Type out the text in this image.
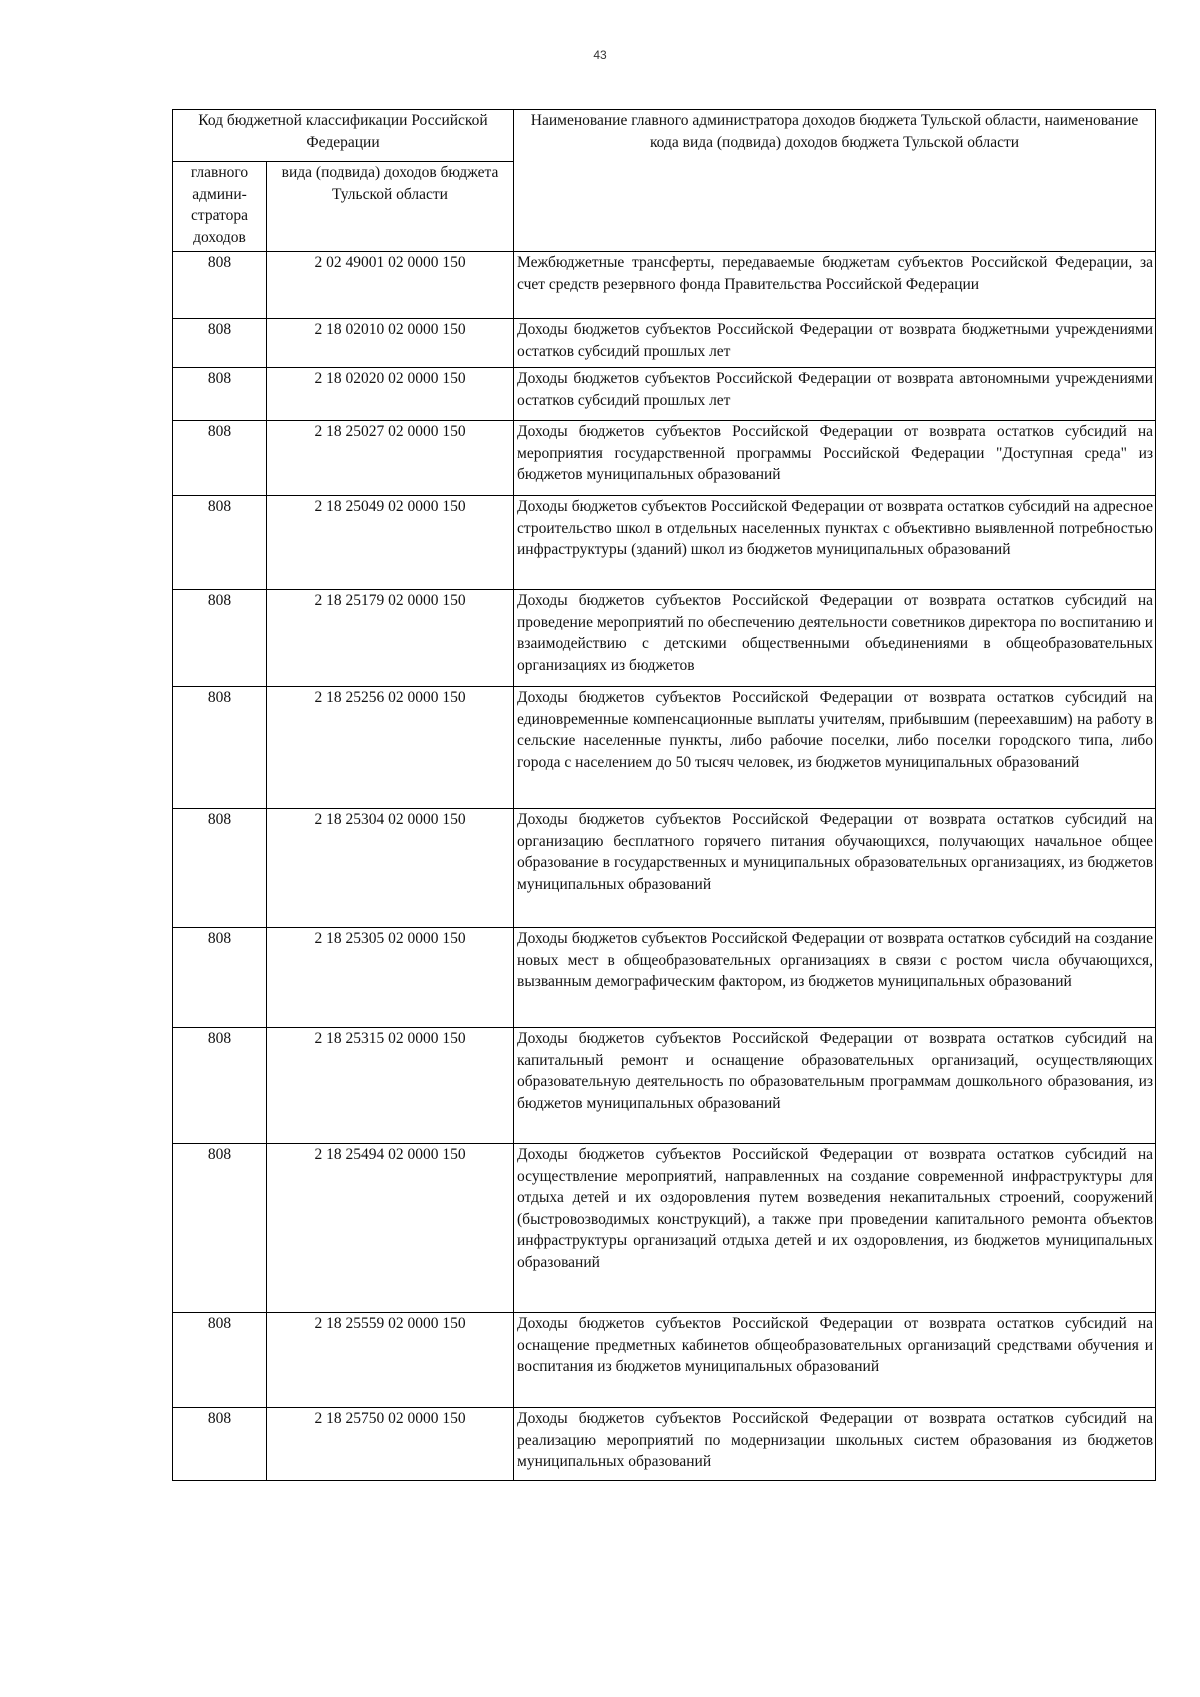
43
Код бюджетной классификации Российской Федерации		Наименование главного администратора доходов бюджета Тульской области, наименование кода вида (подвида) доходов бюджета Тульской области
главного админи-стратора доходов	вида (подвида) доходов бюджета Тульской области	
808	2 02 49001 02 0000 150	Межбюджетные трансферты, передаваемые бюджетам субъектов Российской Федерации, за счет средств резервного фонда Правительства Российской Федерации
808	2 18 02010 02 0000 150	Доходы бюджетов субъектов Российской Федерации от возврата бюджетными учреждениями остатков субсидий прошлых лет
808	2 18 02020 02 0000 150	Доходы бюджетов субъектов Российской Федерации от возврата автономными учреждениями остатков субсидий прошлых лет
808	2 18 25027 02 0000 150	Доходы бюджетов субъектов Российской Федерации от возврата остатков субсидий на мероприятия государственной программы Российской Федерации "Доступная среда" из бюджетов муниципальных образований
808	2 18 25049 02 0000 150	Доходы бюджетов субъектов Российской Федерации от возврата остатков субсидий на адресное строительство школ в отдельных населенных пунктах с объективно выявленной потребностью инфраструктуры (зданий) школ из бюджетов муниципальных образований
808	2 18 25179 02 0000 150	Доходы бюджетов субъектов Российской Федерации от возврата остатков субсидий на проведение мероприятий по обеспечению деятельности советников директора по воспитанию и взаимодействию с детскими общественными объединениями в общеобразовательных организациях из бюджетов
808	2 18 25256 02 0000 150	Доходы бюджетов субъектов Российской Федерации от возврата остатков субсидий на единовременные компенсационные выплаты учителям, прибывшим (переехавшим) на работу в сельские населенные пункты, либо рабочие поселки, либо поселки городского типа, либо города с населением до 50 тысяч человек, из бюджетов муниципальных образований
808	2 18 25304 02 0000 150	Доходы бюджетов субъектов Российской Федерации от возврата остатков субсидий на организацию бесплатного горячего питания обучающихся, получающих начальное общее образование в государственных и муниципальных образовательных организациях, из бюджетов муниципальных образований
808	2 18 25305 02 0000 150	Доходы бюджетов субъектов Российской Федерации от возврата остатков субсидий на создание новых мест в общеобразовательных организациях в связи с ростом числа обучающихся, вызванным демографическим фактором, из бюджетов муниципальных образований
808	2 18 25315 02 0000 150	Доходы бюджетов субъектов Российской Федерации от возврата остатков субсидий на капитальный ремонт и оснащение образовательных организаций, осуществляющих образовательную деятельность по образовательным программам дошкольного образования, из бюджетов муниципальных образований
808	2 18 25494 02 0000 150	Доходы бюджетов субъектов Российской Федерации от возврата остатков субсидий на осуществление мероприятий, направленных на создание современной инфраструктуры для отдыха детей и их оздоровления путем возведения некапитальных строений, сооружений (быстровозводимых конструкций), а также при проведении капитального ремонта объектов инфраструктуры организаций отдыха детей и их оздоровления, из бюджетов муниципальных образований
808	2 18 25559 02 0000 150	Доходы бюджетов субъектов Российской Федерации от возврата остатков субсидий на оснащение предметных кабинетов общеобразовательных организаций средствами обучения и воспитания из бюджетов муниципальных образований
808	2 18 25750 02 0000 150	Доходы бюджетов субъектов Российской Федерации от возврата остатков субсидий на реализацию мероприятий по модернизации школьных систем образования из бюджетов муниципальных образований
